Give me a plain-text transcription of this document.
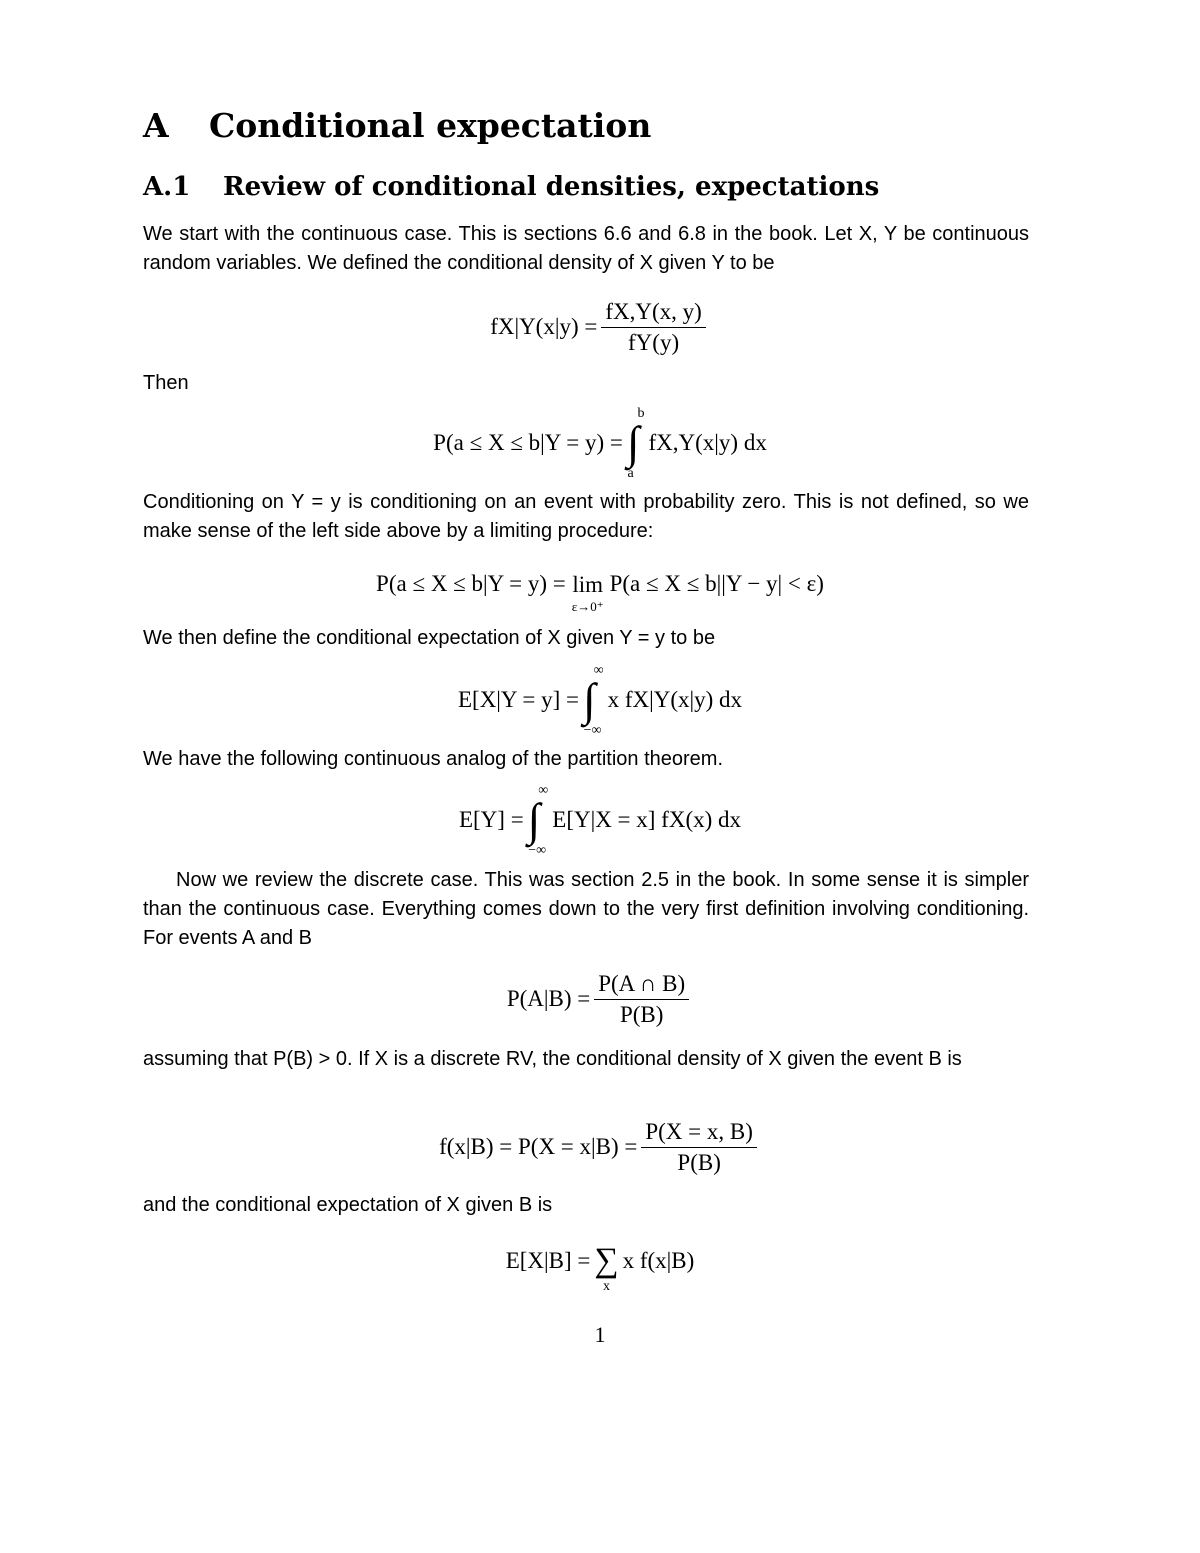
A Conditional expectation
A.1 Review of conditional densities, expectations

We start with the continuous case. This is sections 6.6 and 6.8 in the book. Let X, Y be continuous random variables. We defined the conditional density of X given Y to be

$fX|Y(x|y) = \frac{fX,Y(x, y)}{fY(y)}$

Then

P(a ≤ X ≤ b|Y = y) = ∫
b
a
fX,Y(x|y) dx

Conditioning on Y = y is conditioning on an event with probability zero. This is not defined, so we make sense of the left side above by a limiting procedure:

P(a ≤ X ≤ b|Y = y) = lim
ε→0⁺
P(a ≤ X ≤ b||Y − y| < ε)

We then define the conditional expectation of X given Y = y to be

E[X|Y = y] = ∫
∞
−∞
x fX|Y(x|y) dx

We have the following continuous analog of the partition theorem.

E[Y] = ∫
∞
−∞
E[Y|X = x] fX(x) dx

Now we review the discrete case. This was section 2.5 in the book. In some sense it is simpler than the continuous case. Everything comes down to the very first definition involving conditioning. For events A and B

$P(A|B) = \frac{P(A \cap B)}{P(B)}$

assuming that P(B) > 0. If X is a discrete RV, the conditional density of X given the event B is

$f(x|B) = P(X = x|B) = \frac{P(X = x, B)}{P(B)}$

and the conditional expectation of X given B is

E[X|B] = ∑
x
x f(x|B)

1
